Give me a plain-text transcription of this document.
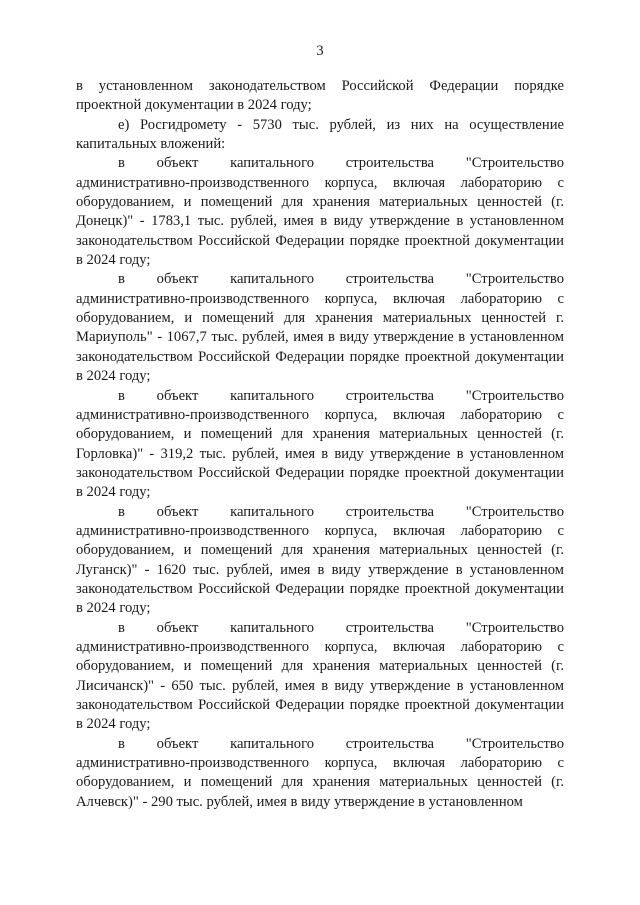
3

в установленном законодательством Российской Федерации порядке проектной документации в 2024 году;

е) Росгидромету - 5730 тыс. рублей, из них на осуществление капитальных вложений:

в объект капитального строительства "Строительство административно-производственного корпуса, включая лабораторию с оборудованием, и помещений для хранения материальных ценностей (г. Донецк)" - 1783,1 тыс. рублей, имея в виду утверждение в установленном законодательством Российской Федерации порядке проектной документации в 2024 году;

в объект капитального строительства "Строительство административно-производственного корпуса, включая лабораторию с оборудованием, и помещений для хранения материальных ценностей г. Мариуполь" - 1067,7 тыс. рублей, имея в виду утверждение в установленном законодательством Российской Федерации порядке проектной документации в 2024 году;

в объект капитального строительства "Строительство административно-производственного корпуса, включая лабораторию с оборудованием, и помещений для хранения материальных ценностей (г. Горловка)" - 319,2 тыс. рублей, имея в виду утверждение в установленном законодательством Российской Федерации порядке проектной документации в 2024 году;

в объект капитального строительства "Строительство административно-производственного корпуса, включая лабораторию с оборудованием, и помещений для хранения материальных ценностей (г. Луганск)" - 1620 тыс. рублей, имея в виду утверждение в установленном законодательством Российской Федерации порядке проектной документации в 2024 году;

в объект капитального строительства "Строительство административно-производственного корпуса, включая лабораторию с оборудованием, и помещений для хранения материальных ценностей (г. Лисичанск)" - 650 тыс. рублей, имея в виду утверждение в установленном законодательством Российской Федерации порядке проектной документации в 2024 году;

в объект капитального строительства "Строительство административно-производственного корпуса, включая лабораторию с оборудованием, и помещений для хранения материальных ценностей (г. Алчевск)" - 290 тыс. рублей, имея в виду утверждение в установленном
